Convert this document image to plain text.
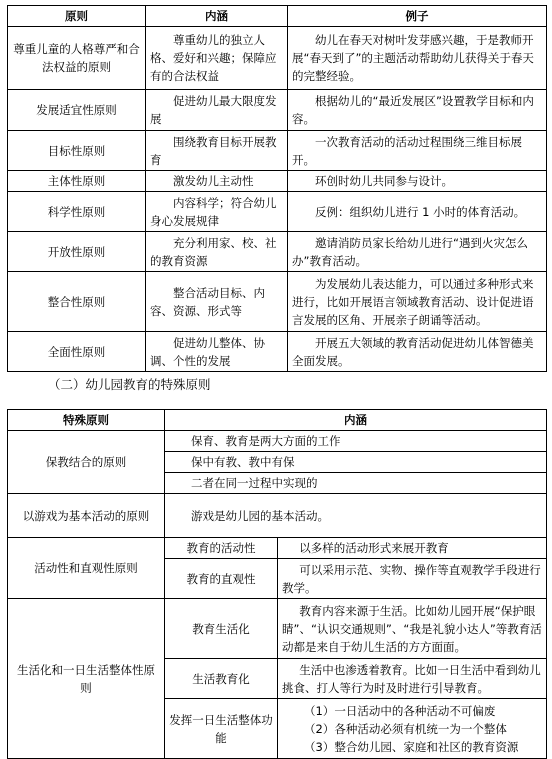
原则	内涵	例子
尊重儿童的人格尊严和合法权益的原则	尊重幼儿的独立人格、爱好和兴趣；保障应有的合法权益	幼儿在春天对树叶发芽感兴趣，于是教师开展“春天到了”的主题活动帮助幼儿获得关于春天的完整经验。
发展适宜性原则	促进幼儿最大限度发展	根据幼儿的“最近发展区”设置教学目标和内容。
目标性原则	围绕教育目标开展教育	一次教育活动的活动过程围绕三维目标展开。
主体性原则	激发幼儿主动性	环创时幼儿共同参与设计。
科学性原则	内容科学；符合幼儿身心发展规律	反例：组织幼儿进行 1 小时的体育活动。
开放性原则	充分利用家、校、社的教育资源	邀请消防员家长给幼儿进行“遇到火灾怎么办”教育活动。
整合性原则	整合活动目标、内容、资源、形式等	为发展幼儿表达能力，可以通过多种形式来进行，比如开展语言领域教育活动、设计促进语言发展的区角、开展亲子朗诵等活动。
全面性原则	促进幼儿整体、协调、个性的发展	开展五大领域的教育活动促进幼儿体智德美全面发展。
（二）幼儿园教育的特殊原则
特殊原则	内涵	
保教结合的原则	保育、教育是两大方面的工作	
	保中有教、教中有保	
	二者在同一过程中实现的	
以游戏为基本活动的原则	游戏是幼儿园的基本活动。	
活动性和直观性原则	教育的活动性	以多样的活动形式来展开教育
	教育的直观性	可以采用示范、实物、操作等直观教学手段进行教学。
生活化和一日生活整体性原则	教育生活化	教育内容来源于生活。比如幼儿园开展“保护眼睛”、“认识交通规则”、“我是礼貌小达人”等教育活动都是来自于幼儿生活的方方面面。
	生活教育化	生活中也渗透着教育。比如一日生活中看到幼儿挑食、打人等行为时及时进行引导教育。
	发挥一日生活整体功能	（1）一日活动中的各种活动不可偏废
（2）各种活动必须有机统一为一个整体
（3）整合幼儿园、家庭和社区的教育资源
